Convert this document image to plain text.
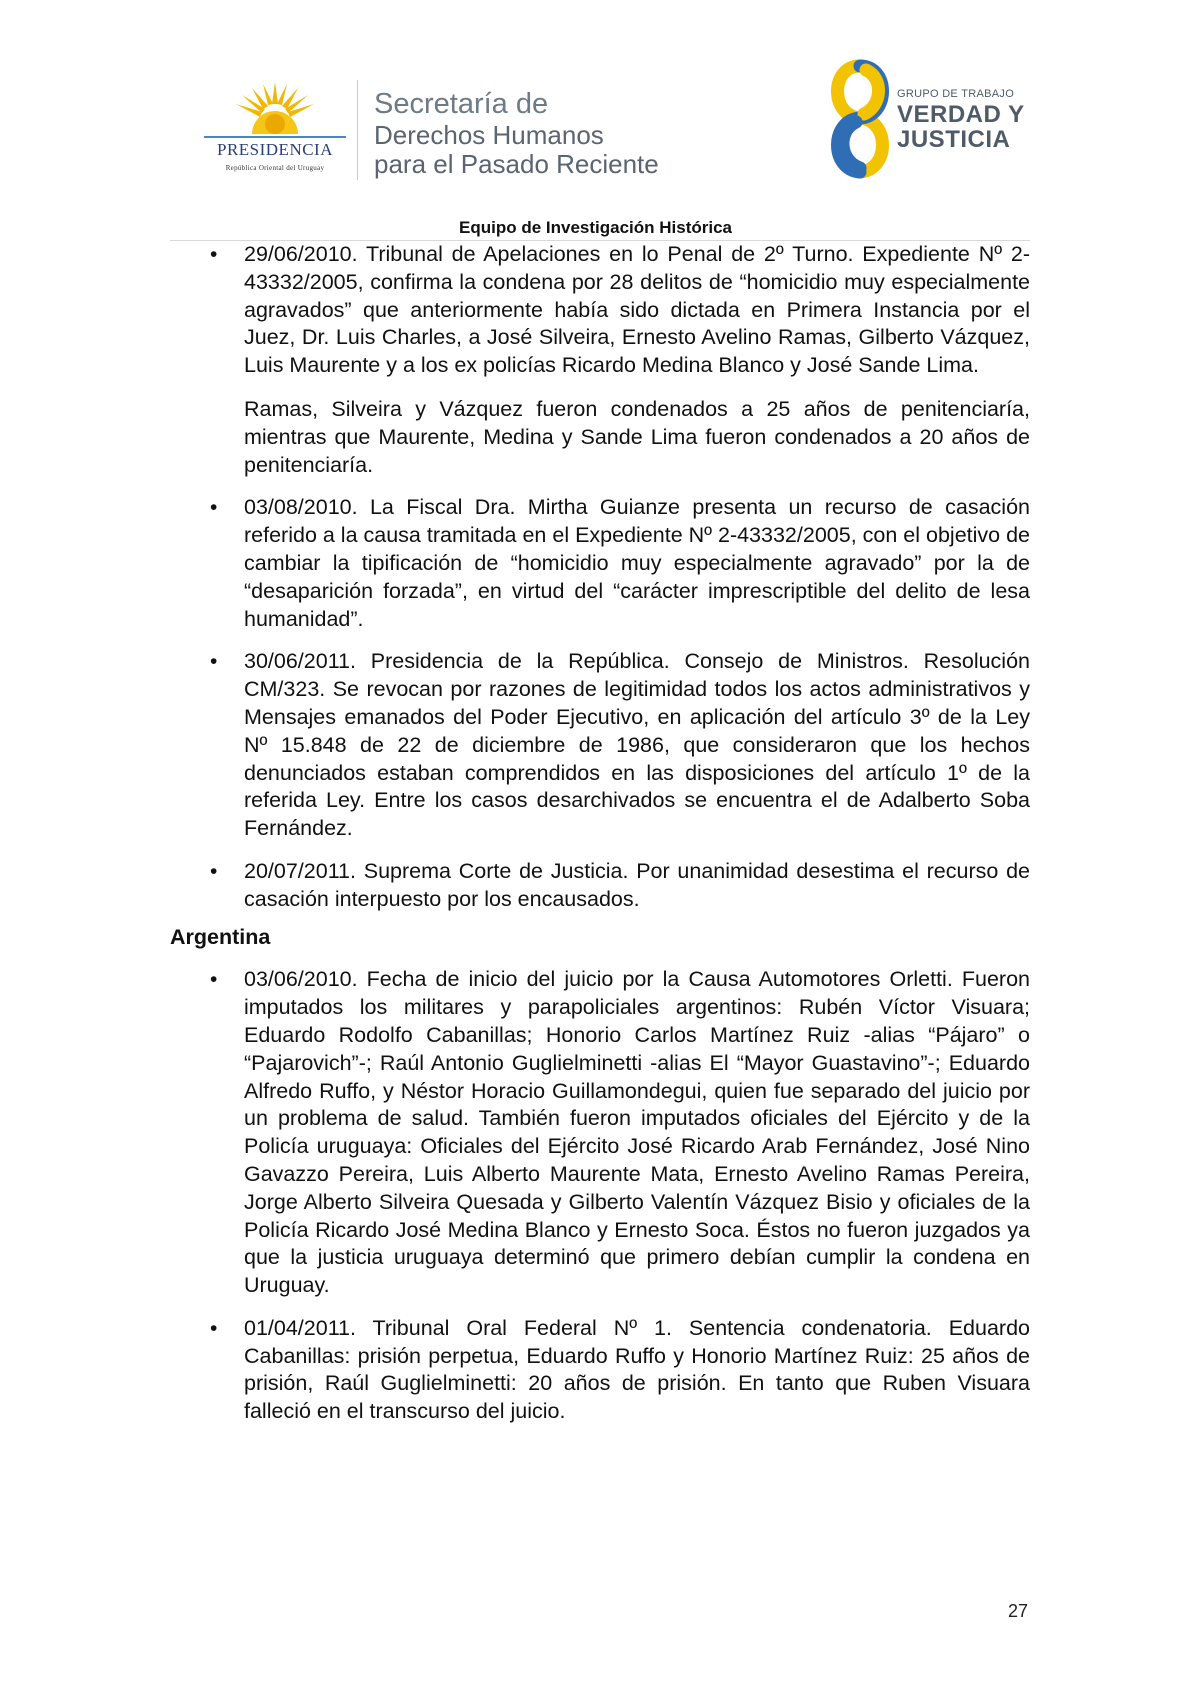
PRESIDENCIA
República Oriental del Uruguay
Secretaría de
Derechos Humanos
para el Pasado Reciente
GRUPO DE TRABAJO
VERDAD Y
JUSTICIA
Equipo de Investigación Histórica
• 29/06/2010. Tribunal de Apelaciones en lo Penal de 2º Turno. Expediente Nº 2-43332/2005, confirma la condena por 28 delitos de “homicidio muy especialmente agravados” que anteriormente había sido dictada en Primera Instancia por el Juez, Dr. Luis Charles, a José Silveira, Ernesto Avelino Ramas, Gilberto Vázquez, Luis Maurente y a los ex policías Ricardo Medina Blanco y José Sande Lima.

Ramas, Silveira y Vázquez fueron condenados a 25 años de penitenciaría, mientras que Maurente, Medina y Sande Lima fueron condenados a 20 años de penitenciaría.

• 03/08/2010. La Fiscal Dra. Mirtha Guianze presenta un recurso de casación referido a la causa tramitada en el Expediente Nº 2-43332/2005, con el objetivo de cambiar la tipificación de “homicidio muy especialmente agravado” por la de “desaparición forzada”, en virtud del “carácter imprescriptible del delito de lesa humanidad”.

• 30/06/2011. Presidencia de la República. Consejo de Ministros. Resolución CM/323. Se revocan por razones de legitimidad todos los actos administrativos y Mensajes emanados del Poder Ejecutivo, en aplicación del artículo 3º de la Ley Nº 15.848 de 22 de diciembre de 1986, que consideraron que los hechos denunciados estaban comprendidos en las disposiciones del artículo 1º de la referida Ley. Entre los casos desarchivados se encuentra el de Adalberto Soba Fernández.

• 20/07/2011. Suprema Corte de Justicia. Por unanimidad desestima el recurso de casación interpuesto por los encausados.

Argentina
• 03/06/2010. Fecha de inicio del juicio por la Causa Automotores Orletti. Fueron imputados los militares y parapoliciales argentinos: Rubén Víctor Visuara; Eduardo Rodolfo Cabanillas; Honorio Carlos Martínez Ruiz -alias “Pájaro” o “Pajarovich”-; Raúl Antonio Guglielminetti -alias El “Mayor Guastavino”-; Eduardo Alfredo Ruffo, y Néstor Horacio Guillamondegui, quien fue separado del juicio por un problema de salud. También fueron imputados oficiales del Ejército y de la Policía uruguaya: Oficiales del Ejército José Ricardo Arab Fernández, José Nino Gavazzo Pereira, Luis Alberto Maurente Mata, Ernesto Avelino Ramas Pereira, Jorge Alberto Silveira Quesada y Gilberto Valentín Vázquez Bisio y oficiales de la Policía Ricardo José Medina Blanco y Ernesto Soca. Éstos no fueron juzgados ya que la justicia uruguaya determinó que primero debían cumplir la condena en Uruguay.

• 01/04/2011. Tribunal Oral Federal Nº 1. Sentencia condenatoria. Eduardo Cabanillas: prisión perpetua, Eduardo Ruffo y Honorio Martínez Ruiz: 25 años de prisión, Raúl Guglielminetti: 20 años de prisión. En tanto que Ruben Visuara falleció en el transcurso del juicio.

27
